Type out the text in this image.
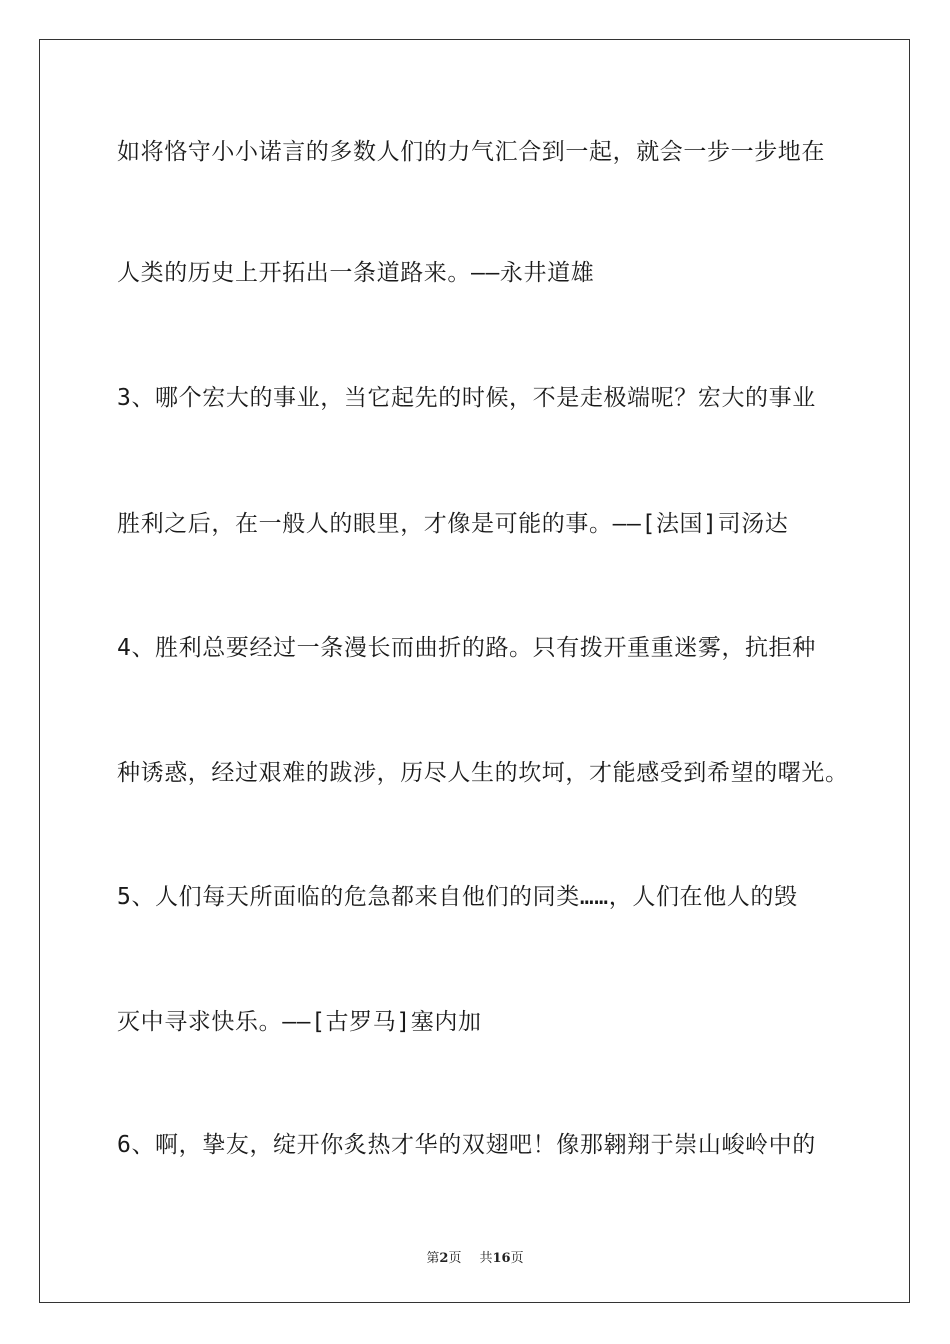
如将恪守小小诺言的多数人们的力气汇合到一起，就会一步一步地在
人类的历史上开拓出一条道路来。——永井道雄
3、哪个宏大的事业，当它起先的时候，不是走极端呢？宏大的事业
胜利之后，在一般人的眼里，才像是可能的事。——[法国]司汤达
4、胜利总要经过一条漫长而曲折的路。只有拨开重重迷雾，抗拒种
种诱惑，经过艰难的跋涉，历尽人生的坎坷，才能感受到希望的曙光。
5、人们每天所面临的危急都来自他们的同类……，人们在他人的毁
灭中寻求快乐。——[古罗马]塞内加
6、啊，挚友，绽开你炙热才华的双翅吧！像那翱翔于崇山峻岭中的
第2页 共16页
